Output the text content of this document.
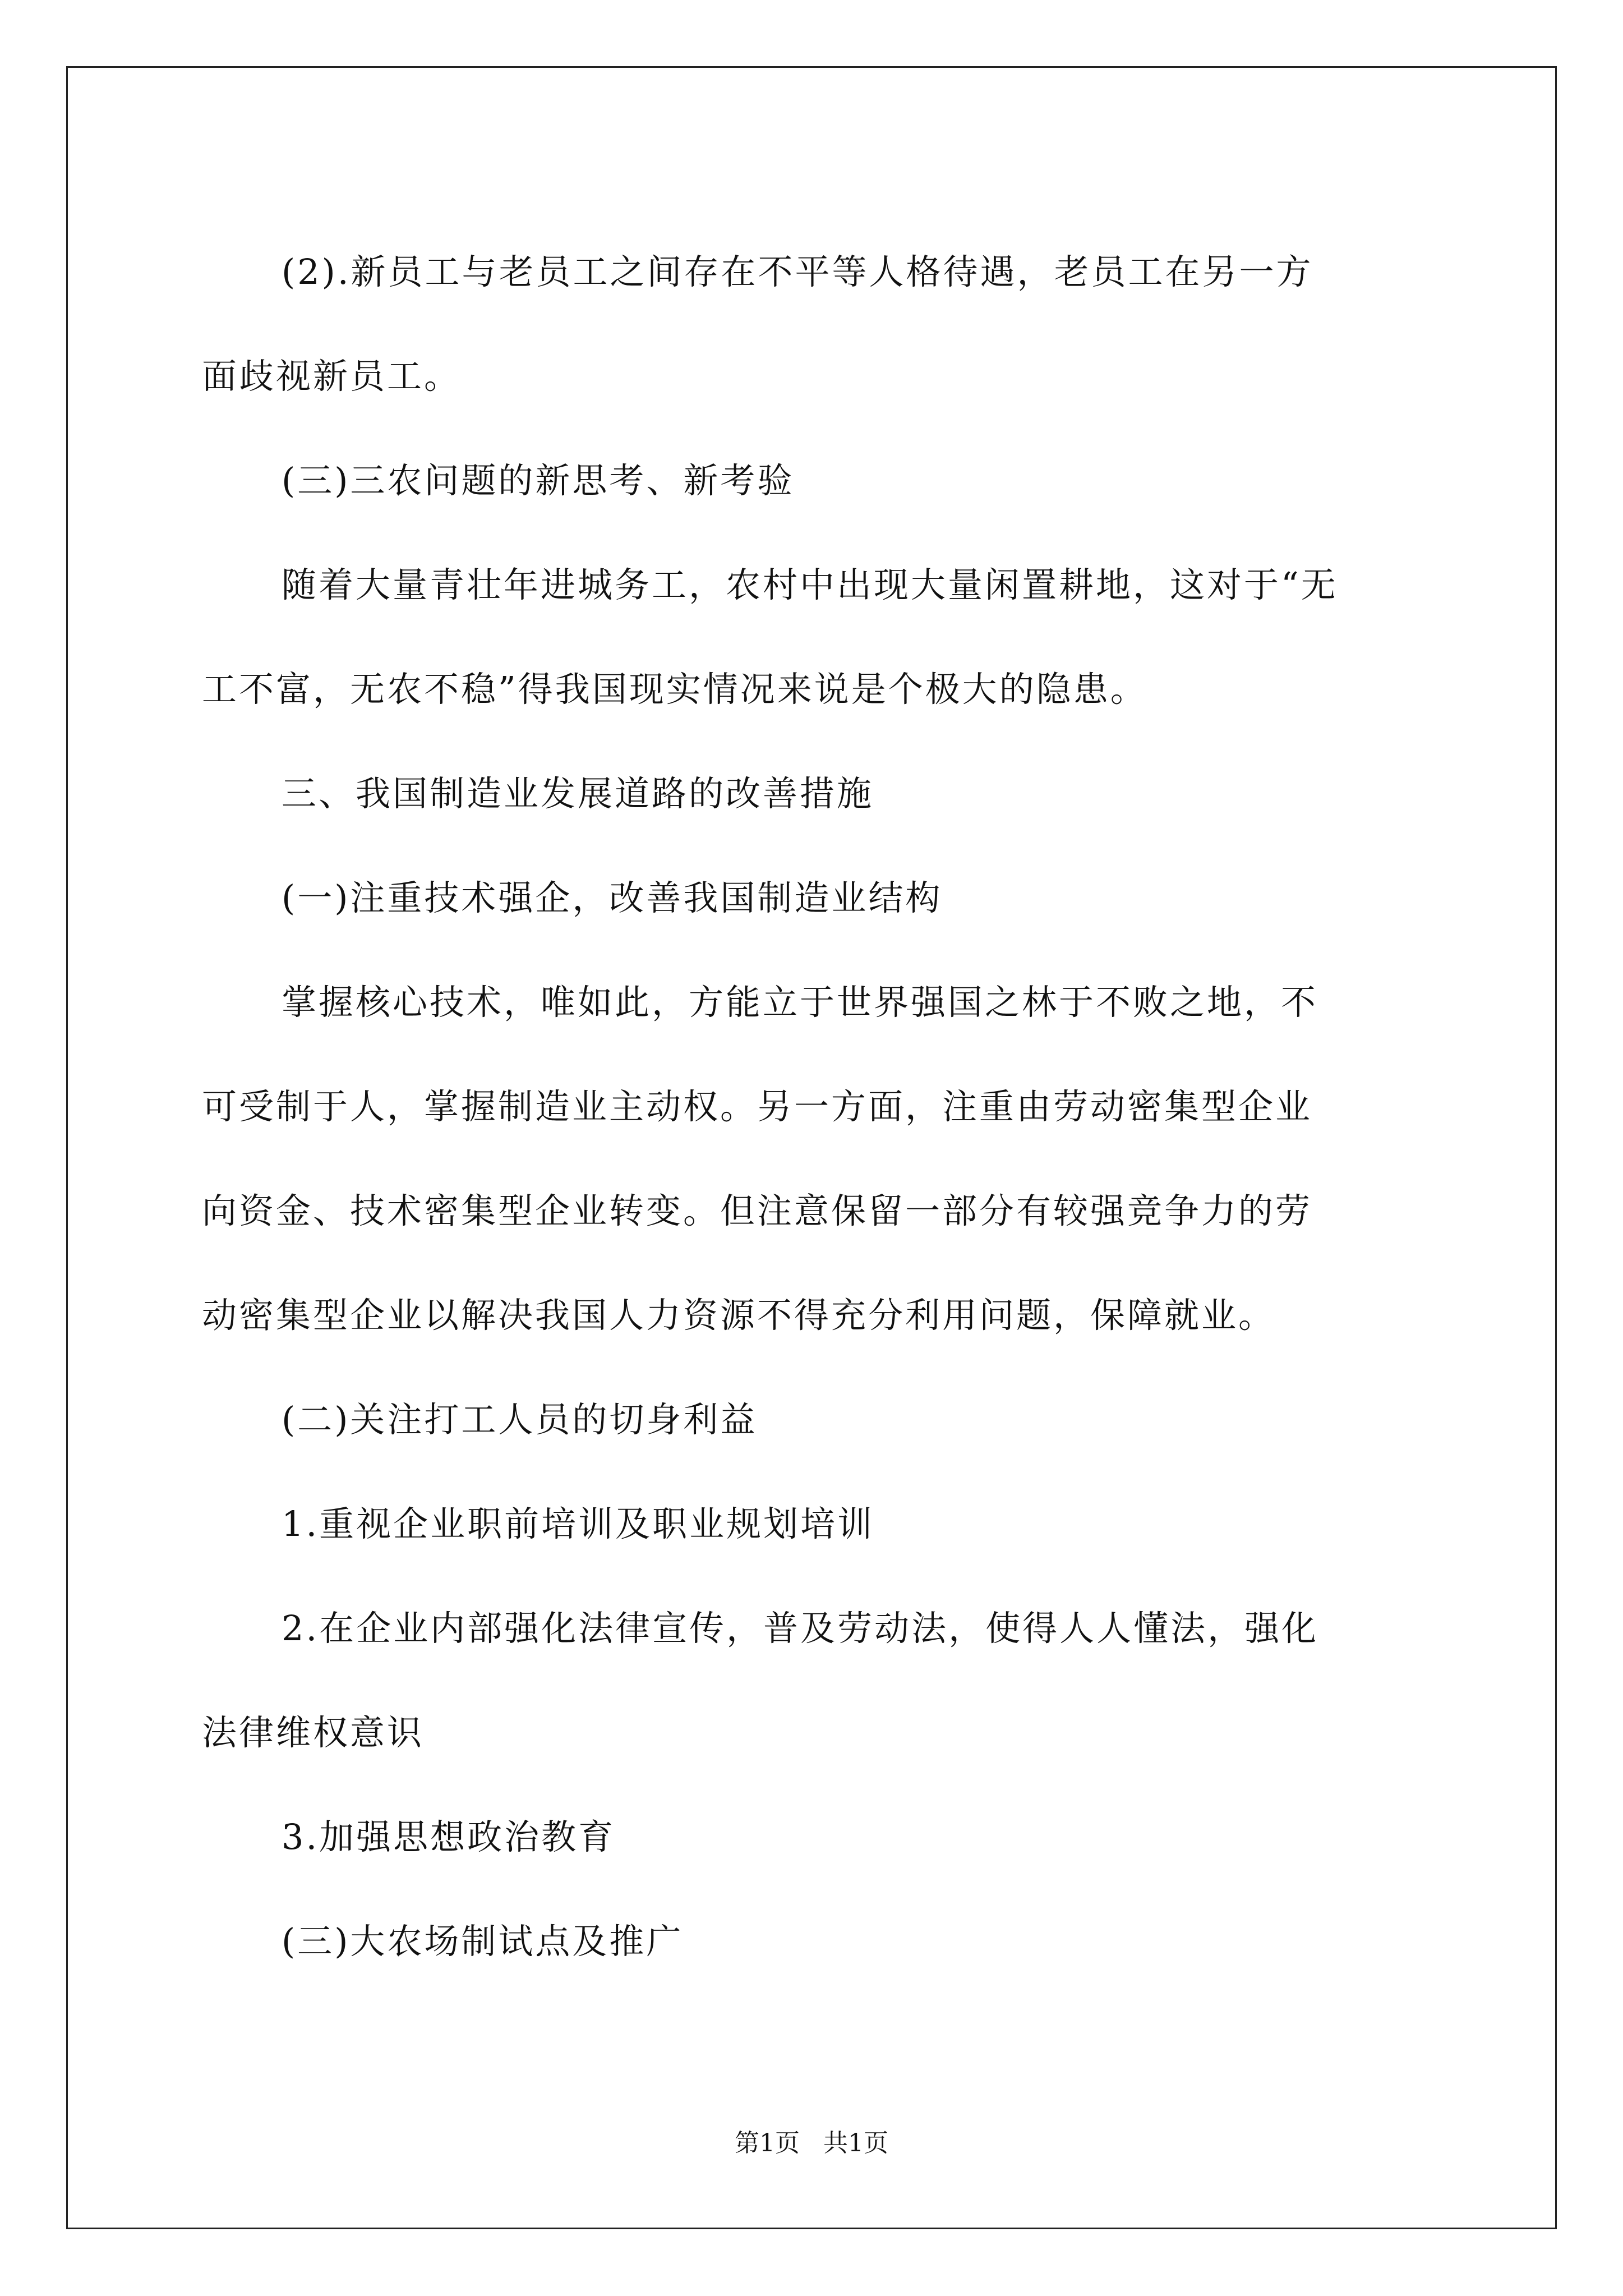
(2).新员工与老员工之间存在不平等人格待遇，老员工在另一方

面歧视新员工。

(三)三农问题的新思考、新考验

随着大量青壮年进城务工，农村中出现大量闲置耕地，这对于“无

工不富，无农不稳”得我国现实情况来说是个极大的隐患。

三、我国制造业发展道路的改善措施

(一)注重技术强企，改善我国制造业结构

掌握核心技术，唯如此，方能立于世界强国之林于不败之地，不

可受制于人，掌握制造业主动权。另一方面，注重由劳动密集型企业

向资金、技术密集型企业转变。但注意保留一部分有较强竞争力的劳

动密集型企业以解决我国人力资源不得充分利用问题，保障就业。

(二)关注打工人员的切身利益

1.重视企业职前培训及职业规划培训

2.在企业内部强化法律宣传，普及劳动法，使得人人懂法，强化

法律维权意识

3.加强思想政治教育

(三)大农场制试点及推广

第1页 共1页
